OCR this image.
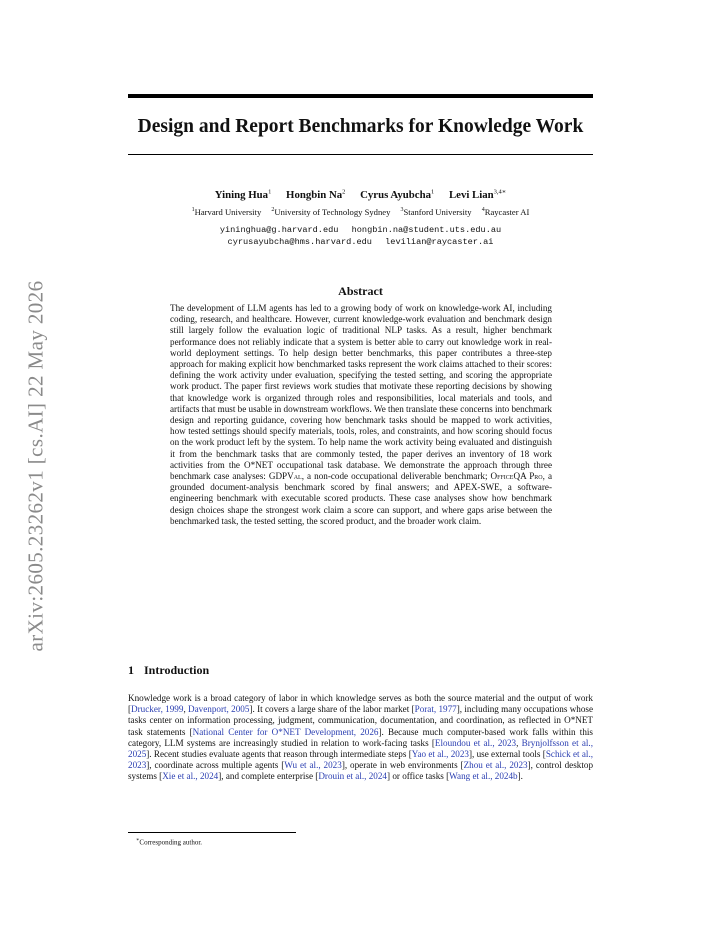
arXiv:2605.23262v1 [cs.AI] 22 May 2026
Design and Report Benchmarks for Knowledge Work
Yining Hua$^1$ Hongbin Na$^2$ Cyrus Ayubcha$^1$ Levi Lian$^{3,4∗}$
$^1$Harvard University $^2$University of Technology Sydney $^3$Stanford University $^4$Raycaster AI
yininghua@g.harvard.edu hongbin.na@student.uts.edu.au
cyrusayubcha@hms.harvard.edu levilian@raycaster.ai
Abstract
The development of LLM agents has led to a growing body of work on knowledge-work AI, including coding, research, and healthcare. However, current knowledge-work evaluation and benchmark design still largely follow the evaluation logic of traditional NLP tasks. As a result, higher benchmark performance does not reliably indicate that a system is better able to carry out knowledge work in real-world deployment settings. To help design better benchmarks, this paper contributes a three-step approach for making explicit how benchmarked tasks represent the work claims attached to their scores: defining the work activity under evaluation, specifying the tested setting, and scoring the appropriate work product. The paper first reviews work studies that motivate these reporting decisions by showing that knowledge work is organized through roles and responsibilities, local materials and tools, and artifacts that must be usable in downstream workflows. We then translate these concerns into benchmark design and reporting guidance, covering how benchmark tasks should be mapped to work activities, how tested settings should specify materials, tools, roles, and constraints, and how scoring should focus on the work product left by the system. To help name the work activity being evaluated and distinguish it from the benchmark tasks that are commonly tested, the paper derives an inventory of 18 work activities from the O*NET occupational task database. We demonstrate the approach through three benchmark case analyses: GDPVal, a non-code occupational deliverable benchmark; OfficeQA Pro, a grounded document-analysis benchmark scored by final answers; and APEX-SWE, a software-engineering benchmark with executable scored products. These case analyses show how benchmark design choices shape the strongest work claim a score can support, and where gaps arise between the benchmarked task, the tested setting, the scored product, and the broader work claim.
1 Introduction
Knowledge work is a broad category of labor in which knowledge serves as both the source material and the output of work [Drucker, 1999, Davenport, 2005]. It covers a large share of the labor market [Porat, 1977], including many occupations whose tasks center on information processing, judgment, communication, documentation, and coordination, as reflected in O*NET task statements [National Center for O*NET Development, 2026]. Because much computer-based work falls within this category, LLM systems are increasingly studied in relation to work-facing tasks [Eloundou et al., 2023, Brynjolfsson et al., 2025]. Recent studies evaluate agents that reason through intermediate steps [Yao et al., 2023], use external tools [Schick et al., 2023], coordinate across multiple agents [Wu et al., 2023], operate in web environments [Zhou et al., 2023], control desktop systems [Xie et al., 2024], and complete enterprise [Drouin et al., 2024] or office tasks [Wang et al., 2024b].
∗Corresponding author.
